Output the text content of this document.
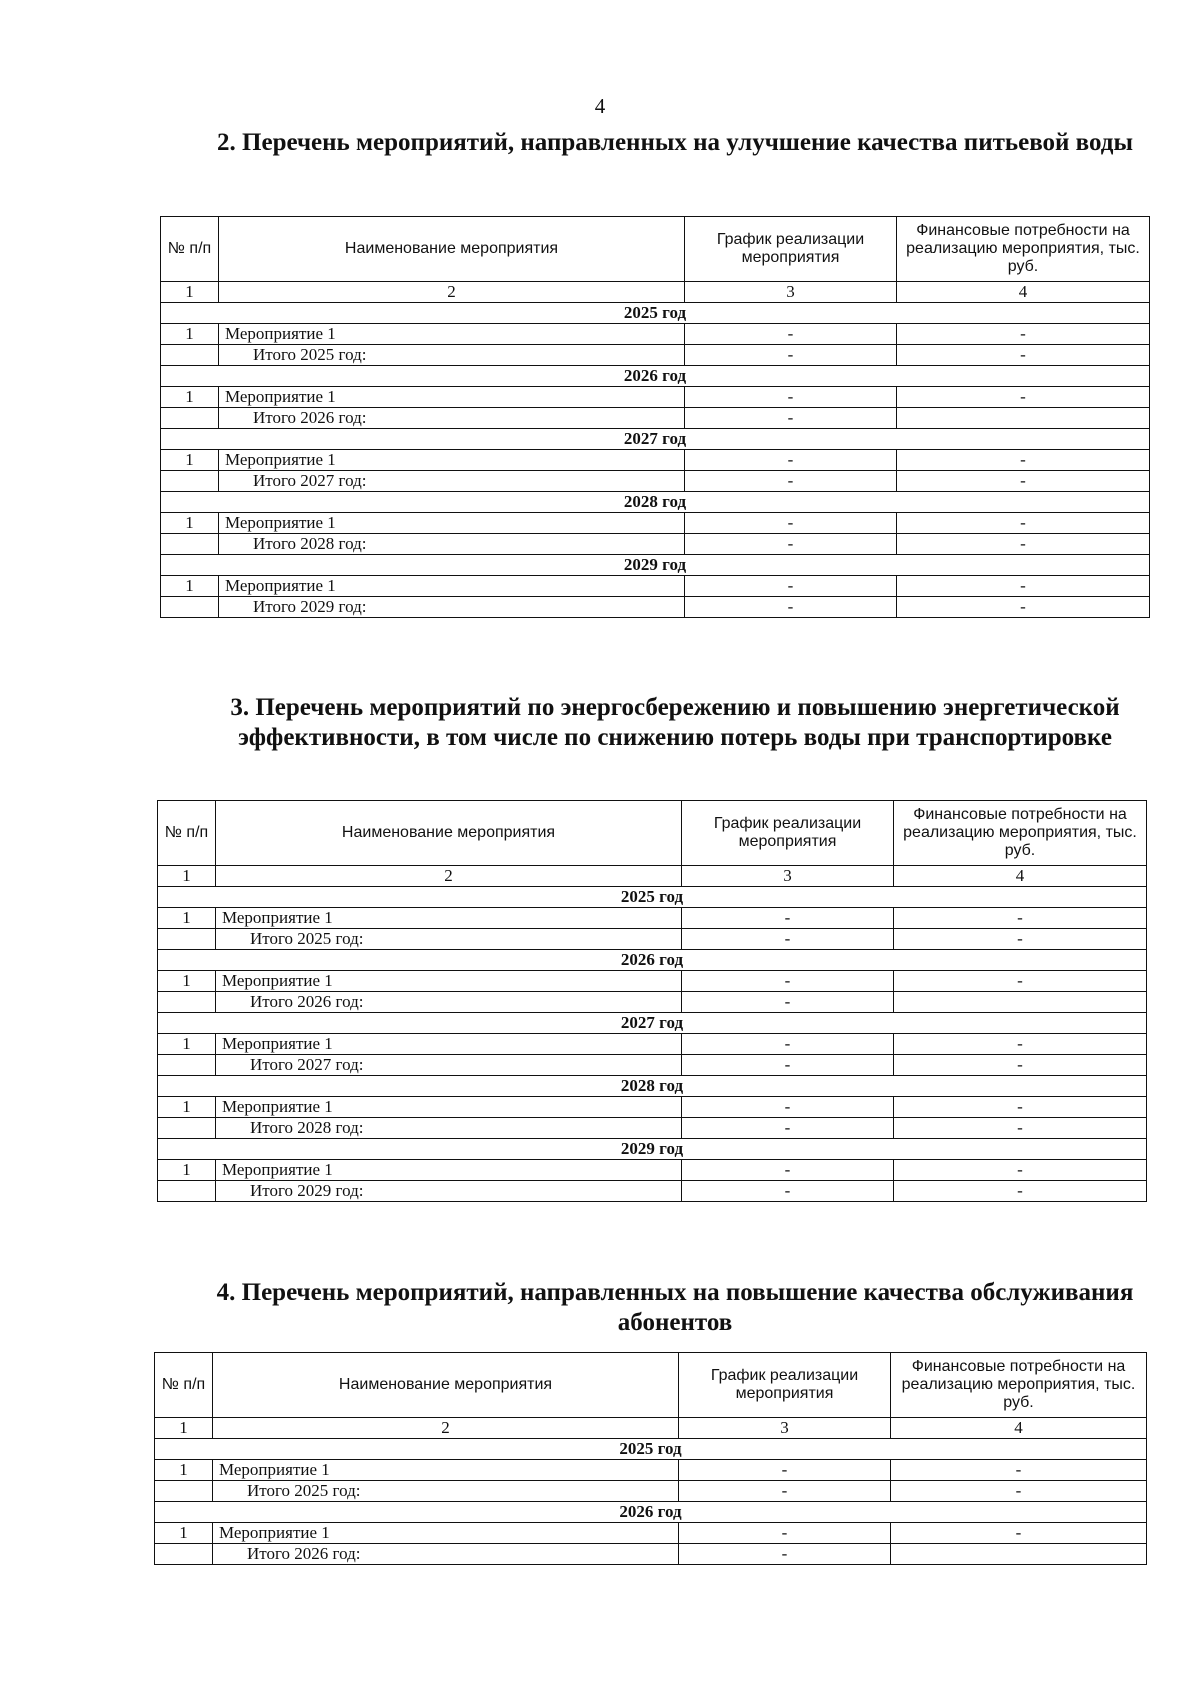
4
2. Перечень мероприятий, направленных на улучшение качества питьевой воды
№ п/п	Наименование мероприятия	График реализации мероприятия	Финансовые потребности на реализацию мероприятия, тыс. руб.
1	2	3	4
2025 год			
1	Мероприятие 1	-	-
	Итого 2025 год:	-	-
2026 год			
1	Мероприятие 1	-	-
	Итого 2026 год:	-	
2027 год			
1	Мероприятие 1	-	-
	Итого 2027 год:	-	-
2028 год			
1	Мероприятие 1	-	-
	Итого 2028 год:	-	-
2029 год			
1	Мероприятие 1	-	-
	Итого 2029 год:	-	-
3. Перечень мероприятий по энергосбережению и повышению энергетической эффективности, в том числе по снижению потерь воды при транспортировке
№ п/п	Наименование мероприятия	График реализации мероприятия	Финансовые потребности на реализацию мероприятия, тыс. руб.
1	2	3	4
2025 год			
1	Мероприятие 1	-	-
	Итого 2025 год:	-	-
2026 год			
1	Мероприятие 1	-	-
	Итого 2026 год:	-	
2027 год			
1	Мероприятие 1	-	-
	Итого 2027 год:	-	-
2028 год			
1	Мероприятие 1	-	-
	Итого 2028 год:	-	-
2029 год			
1	Мероприятие 1	-	-
	Итого 2029 год:	-	-
4. Перечень мероприятий, направленных на повышение качества обслуживания абонентов
№ п/п	Наименование мероприятия	График реализации мероприятия	Финансовые потребности на реализацию мероприятия, тыс. руб.
1	2	3	4
2025 год			
1	Мероприятие 1	-	-
	Итого 2025 год:	-	-
2026 год			
1	Мероприятие 1	-	-
	Итого 2026 год:	-	
